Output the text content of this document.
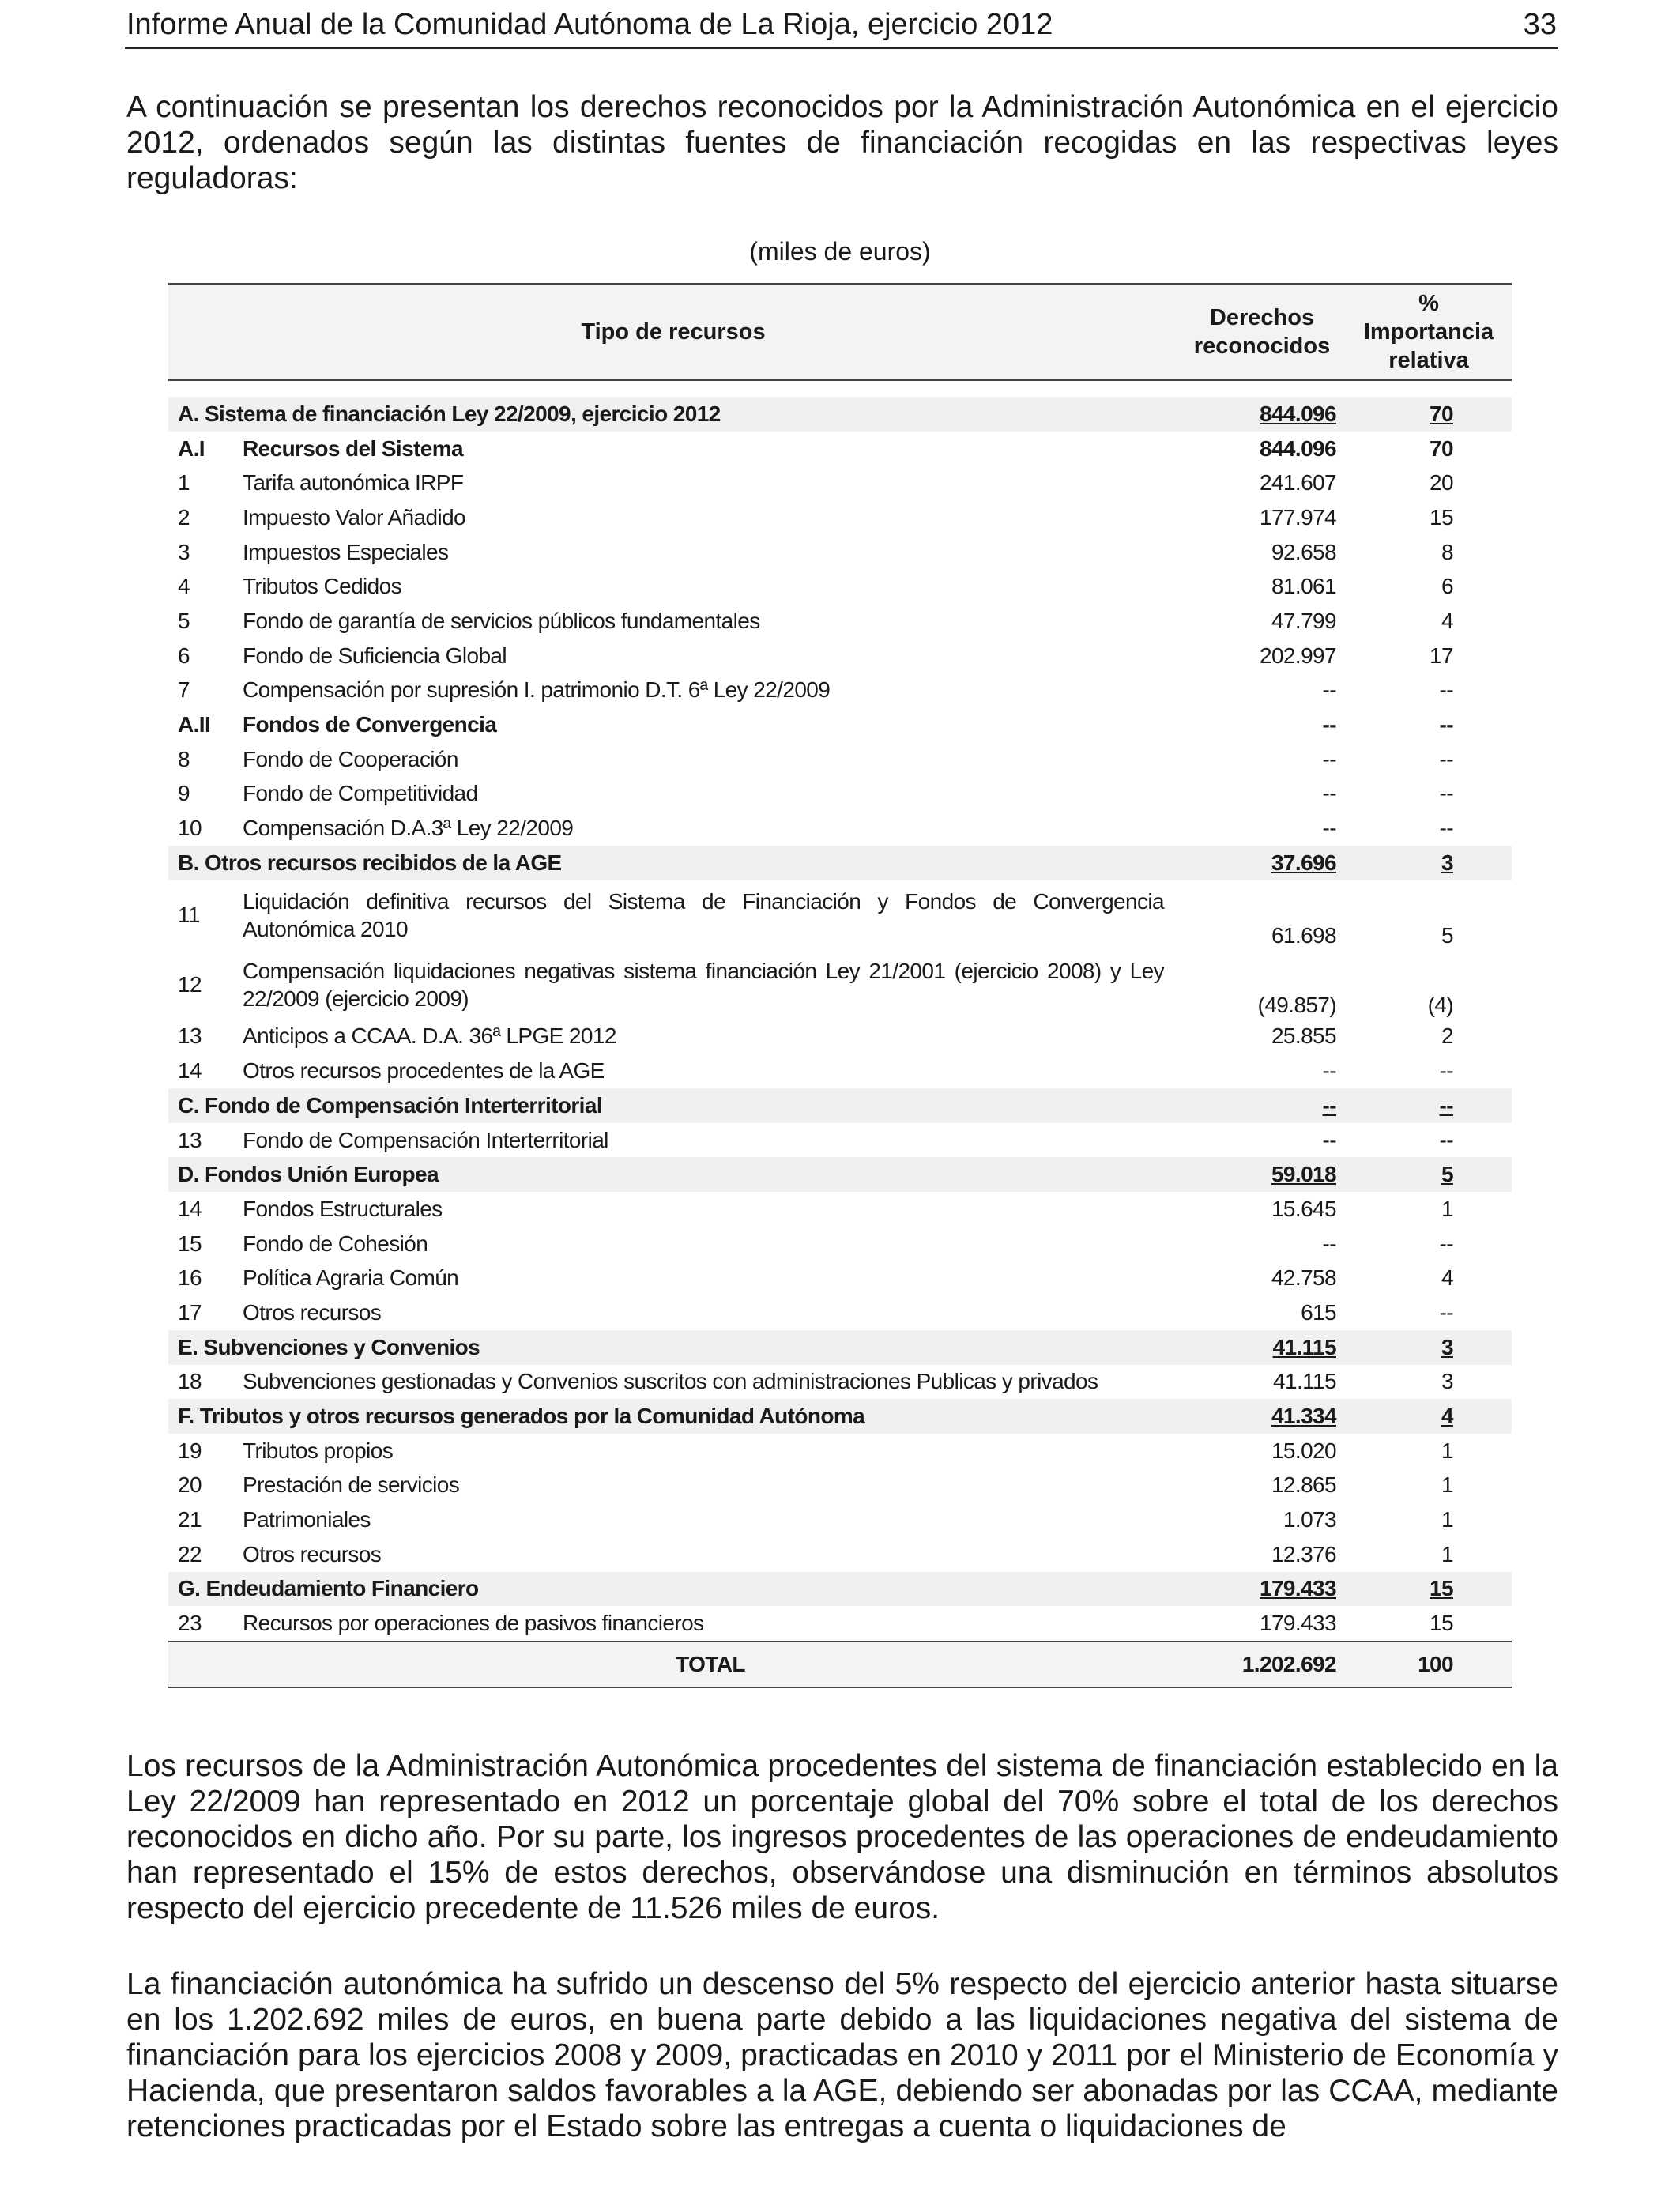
Informe Anual de la Comunidad Autónoma de La Rioja, ejercicio 2012	33
A continuación se presentan los derechos reconocidos por la Administración Autonómica en el ejercicio 2012, ordenados según las distintas fuentes de financiación recogidas en las respectivas leyes reguladoras:
(miles de euros)
Tipo de recursos		Derechos reconocidos	% Importancia relativa

A. Sistema de financiación Ley 22/2009, ejercicio 2012		844.096	70
A.I	Recursos del Sistema	844.096	70
1	Tarifa autonómica IRPF	241.607	20
2	Impuesto Valor Añadido	177.974	15
3	Impuestos Especiales	92.658	8
4	Tributos Cedidos	81.061	6
5	Fondo de garantía de servicios públicos fundamentales	47.799	4
6	Fondo de Suficiencia Global	202.997	17
7	Compensación por supresión I. patrimonio D.T. 6ª Ley 22/2009	--	--
A.II	Fondos de Convergencia	--	--
8	Fondo de Cooperación	--	--
9	Fondo de Competitividad	--	--
10	Compensación D.A.3ª Ley 22/2009	--	--
B. Otros recursos recibidos de la AGE		37.696	3
11	Liquidación definitiva recursos del Sistema de Financiación y Fondos de Convergencia Autonómica 2010	61.698	5
12	Compensación liquidaciones negativas sistema financiación Ley 21/2001 (ejercicio 2008) y Ley 22/2009 (ejercicio 2009)	(49.857)	(4)
13	Anticipos a CCAA. D.A. 36ª LPGE 2012	25.855	2
14	Otros recursos procedentes de la AGE	--	--
C. Fondo de Compensación Interterritorial		--	--
13	Fondo de Compensación Interterritorial	--	--
D. Fondos Unión Europea		59.018	5
14	Fondos Estructurales	15.645	1
15	Fondo de Cohesión	--	--
16	Política Agraria Común	42.758	4
17	Otros recursos	615	--
E. Subvenciones y Convenios		41.115	3
18	Subvenciones gestionadas y Convenios suscritos con administraciones Publicas y privados	41.115	3
F. Tributos y otros recursos generados por la Comunidad Autónoma		41.334	4
19	Tributos propios	15.020	1
20	Prestación de servicios	12.865	1
21	Patrimoniales	1.073	1
22	Otros recursos	12.376	1
G. Endeudamiento Financiero		179.433	15
23	Recursos por operaciones de pasivos financieros	179.433	15
TOTAL		1.202.692	100
Los recursos de la Administración Autonómica procedentes del sistema de financiación establecido en la Ley 22/2009 han representado en 2012 un porcentaje global del 70% sobre el total de los derechos reconocidos en dicho año. Por su parte, los ingresos procedentes de las operaciones de endeudamiento han representado el 15% de estos derechos, observándose una disminución en términos absolutos respecto del ejercicio precedente de 11.526 miles de euros.
La financiación autonómica ha sufrido un descenso del 5% respecto del ejercicio anterior hasta situarse en los 1.202.692 miles de euros, en buena parte debido a las liquidaciones negativa del sistema de financiación para los ejercicios 2008 y 2009, practicadas en 2010 y 2011 por el Ministerio de Economía y Hacienda, que presentaron saldos favorables a la AGE, debiendo ser abonadas por las CCAA, mediante retenciones practicadas por el Estado sobre las entregas a cuenta o liquidaciones de
